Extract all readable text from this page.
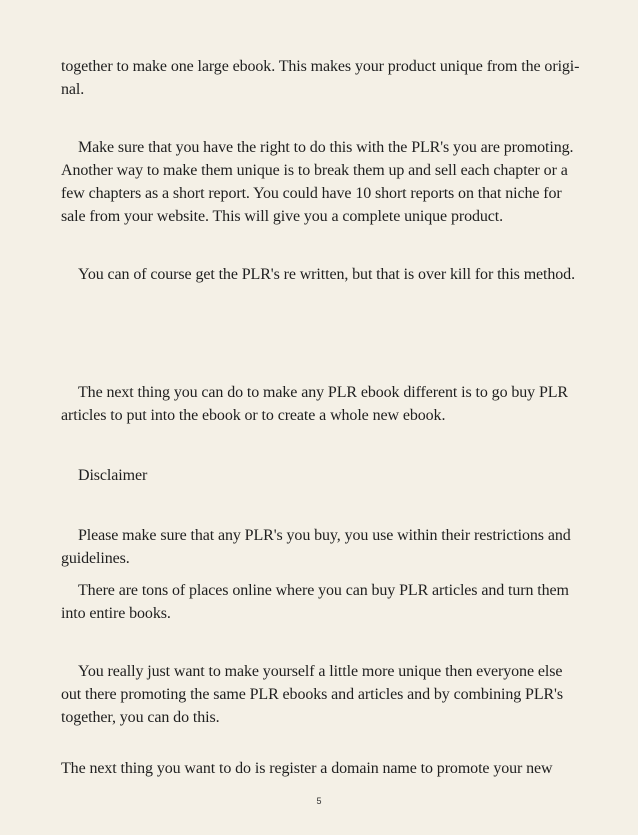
together to make one large ebook. This makes your product unique from the origi-
nal.
Make sure that you have the right to do this with the PLR's you are promoting.
Another way to make them unique is to break them up and sell each chapter or a
few chapters as a short report. You could have 10 short reports on that niche for
sale from your website. This will give you a complete unique product.
You can of course get the PLR's re written, but that is over kill for this method.
The next thing you can do to make any PLR ebook different is to go buy PLR
articles to put into the ebook or to create a whole new ebook.
Disclaimer
Please make sure that any PLR's you buy, you use within their restrictions and
guidelines.
There are tons of places online where you can buy PLR articles and turn them
into entire books.
You really just want to make yourself a little more unique then everyone else
out there promoting the same PLR ebooks and articles and by combining PLR's
together, you can do this.
The next thing you want to do is register a domain name to promote your new
5
